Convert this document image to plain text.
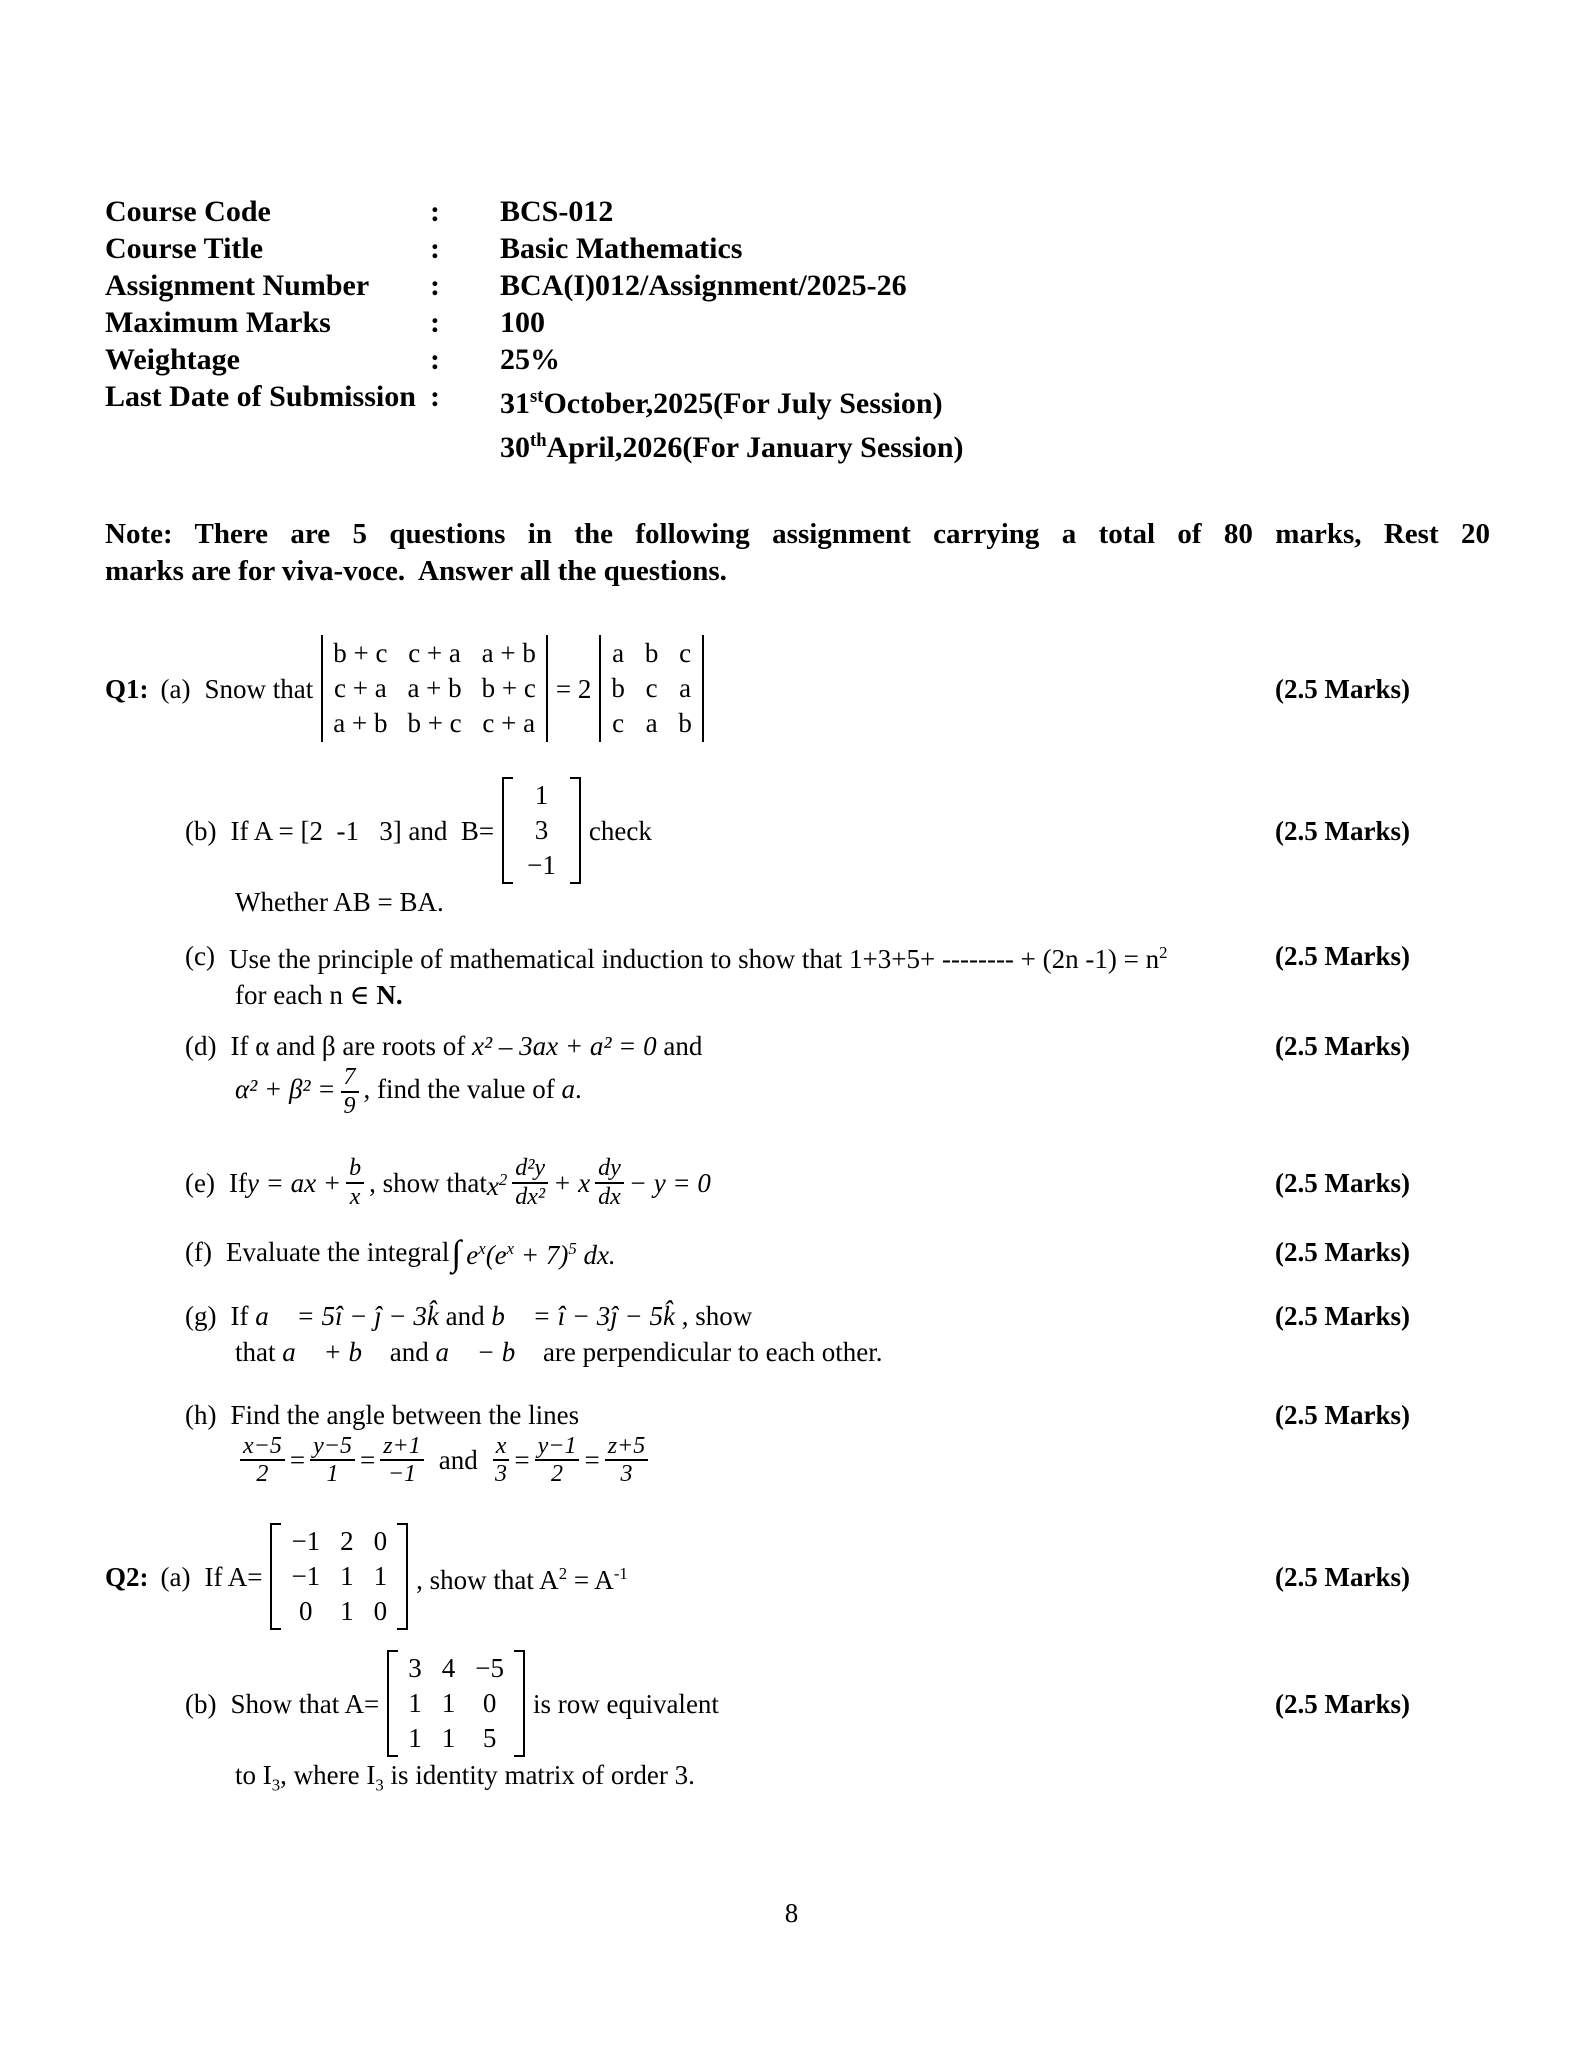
Course Code	:	BCS-012
Course Title	:	Basic Mathematics
Assignment Number	:	BCA(I)012/Assignment/2025-26
Maximum Marks	:	100
Weightage	:	25%
Last Date of Submission :	31stOctober,2025(For July Session)
30thApril,2026(For January Session)
Note: There are 5 questions in the following assignment carrying a total of 80 marks, Rest 20
marks are for viva-voce.  Answer all the questions.
Q1: (a) Snow that
b + c c + a a + b
c + a a + b b + c
a + b b + c c + a
= 2
a b c
b c a
c a b
(2.5 Marks)
(b) If A = [2  -1   3] and  B=
1
3
−1
check	(2.5 Marks)
Whether AB = BA.
(c) Use the principle of mathematical induction to show that 1+3+5+ -------- + (2n $-1) = n^2$	(2.5 Marks)
for each n ∈ N.
(d) If α and β are roots of x² – 3ax + a² = 0 and	(2.5 Marks)
$\alpha^2 + \beta^2 = \frac{7}{9}$ , find the value of a.
(e) If y = ax + $\frac{b}{x}$ , show that $x^2 \frac{\text{d²y}}{\text{dx²}} + x \frac{dy}{dx} - y = 0$	(2.5 Marks)
(f) Evaluate the integral ∫ $e^x(e^x + 7)^5$ dx.	(2.5 Marks)
(g) If a⃗ = 5î − ĵ − 3k̂ and b⃗ = î − 3ĵ − 5k̂ , show	(2.5 Marks)
that a⃗ + b⃗ and a⃗ − b⃗ are perpendicular to each other.
(h) Find the angle between the lines	(2.5 Marks)
$\frac{x-5}{2} = \frac{y-5}{1} = \frac{z+1}{-1}$ and $\frac{x}{3} = \frac{y-1}{2} = \frac{z+5}{3}$
Q2: (a) If A=
−1 2 0
−1 1 1
0 1 0
, show that $A^2 = A^{-1}$	(2.5 Marks)
(b) Show that A=
3 4 −5
1 1 0
1 1 5
is row equivalent	(2.5 Marks)
to $I_3$, where $I_3$ is identity matrix of order 3.
8
